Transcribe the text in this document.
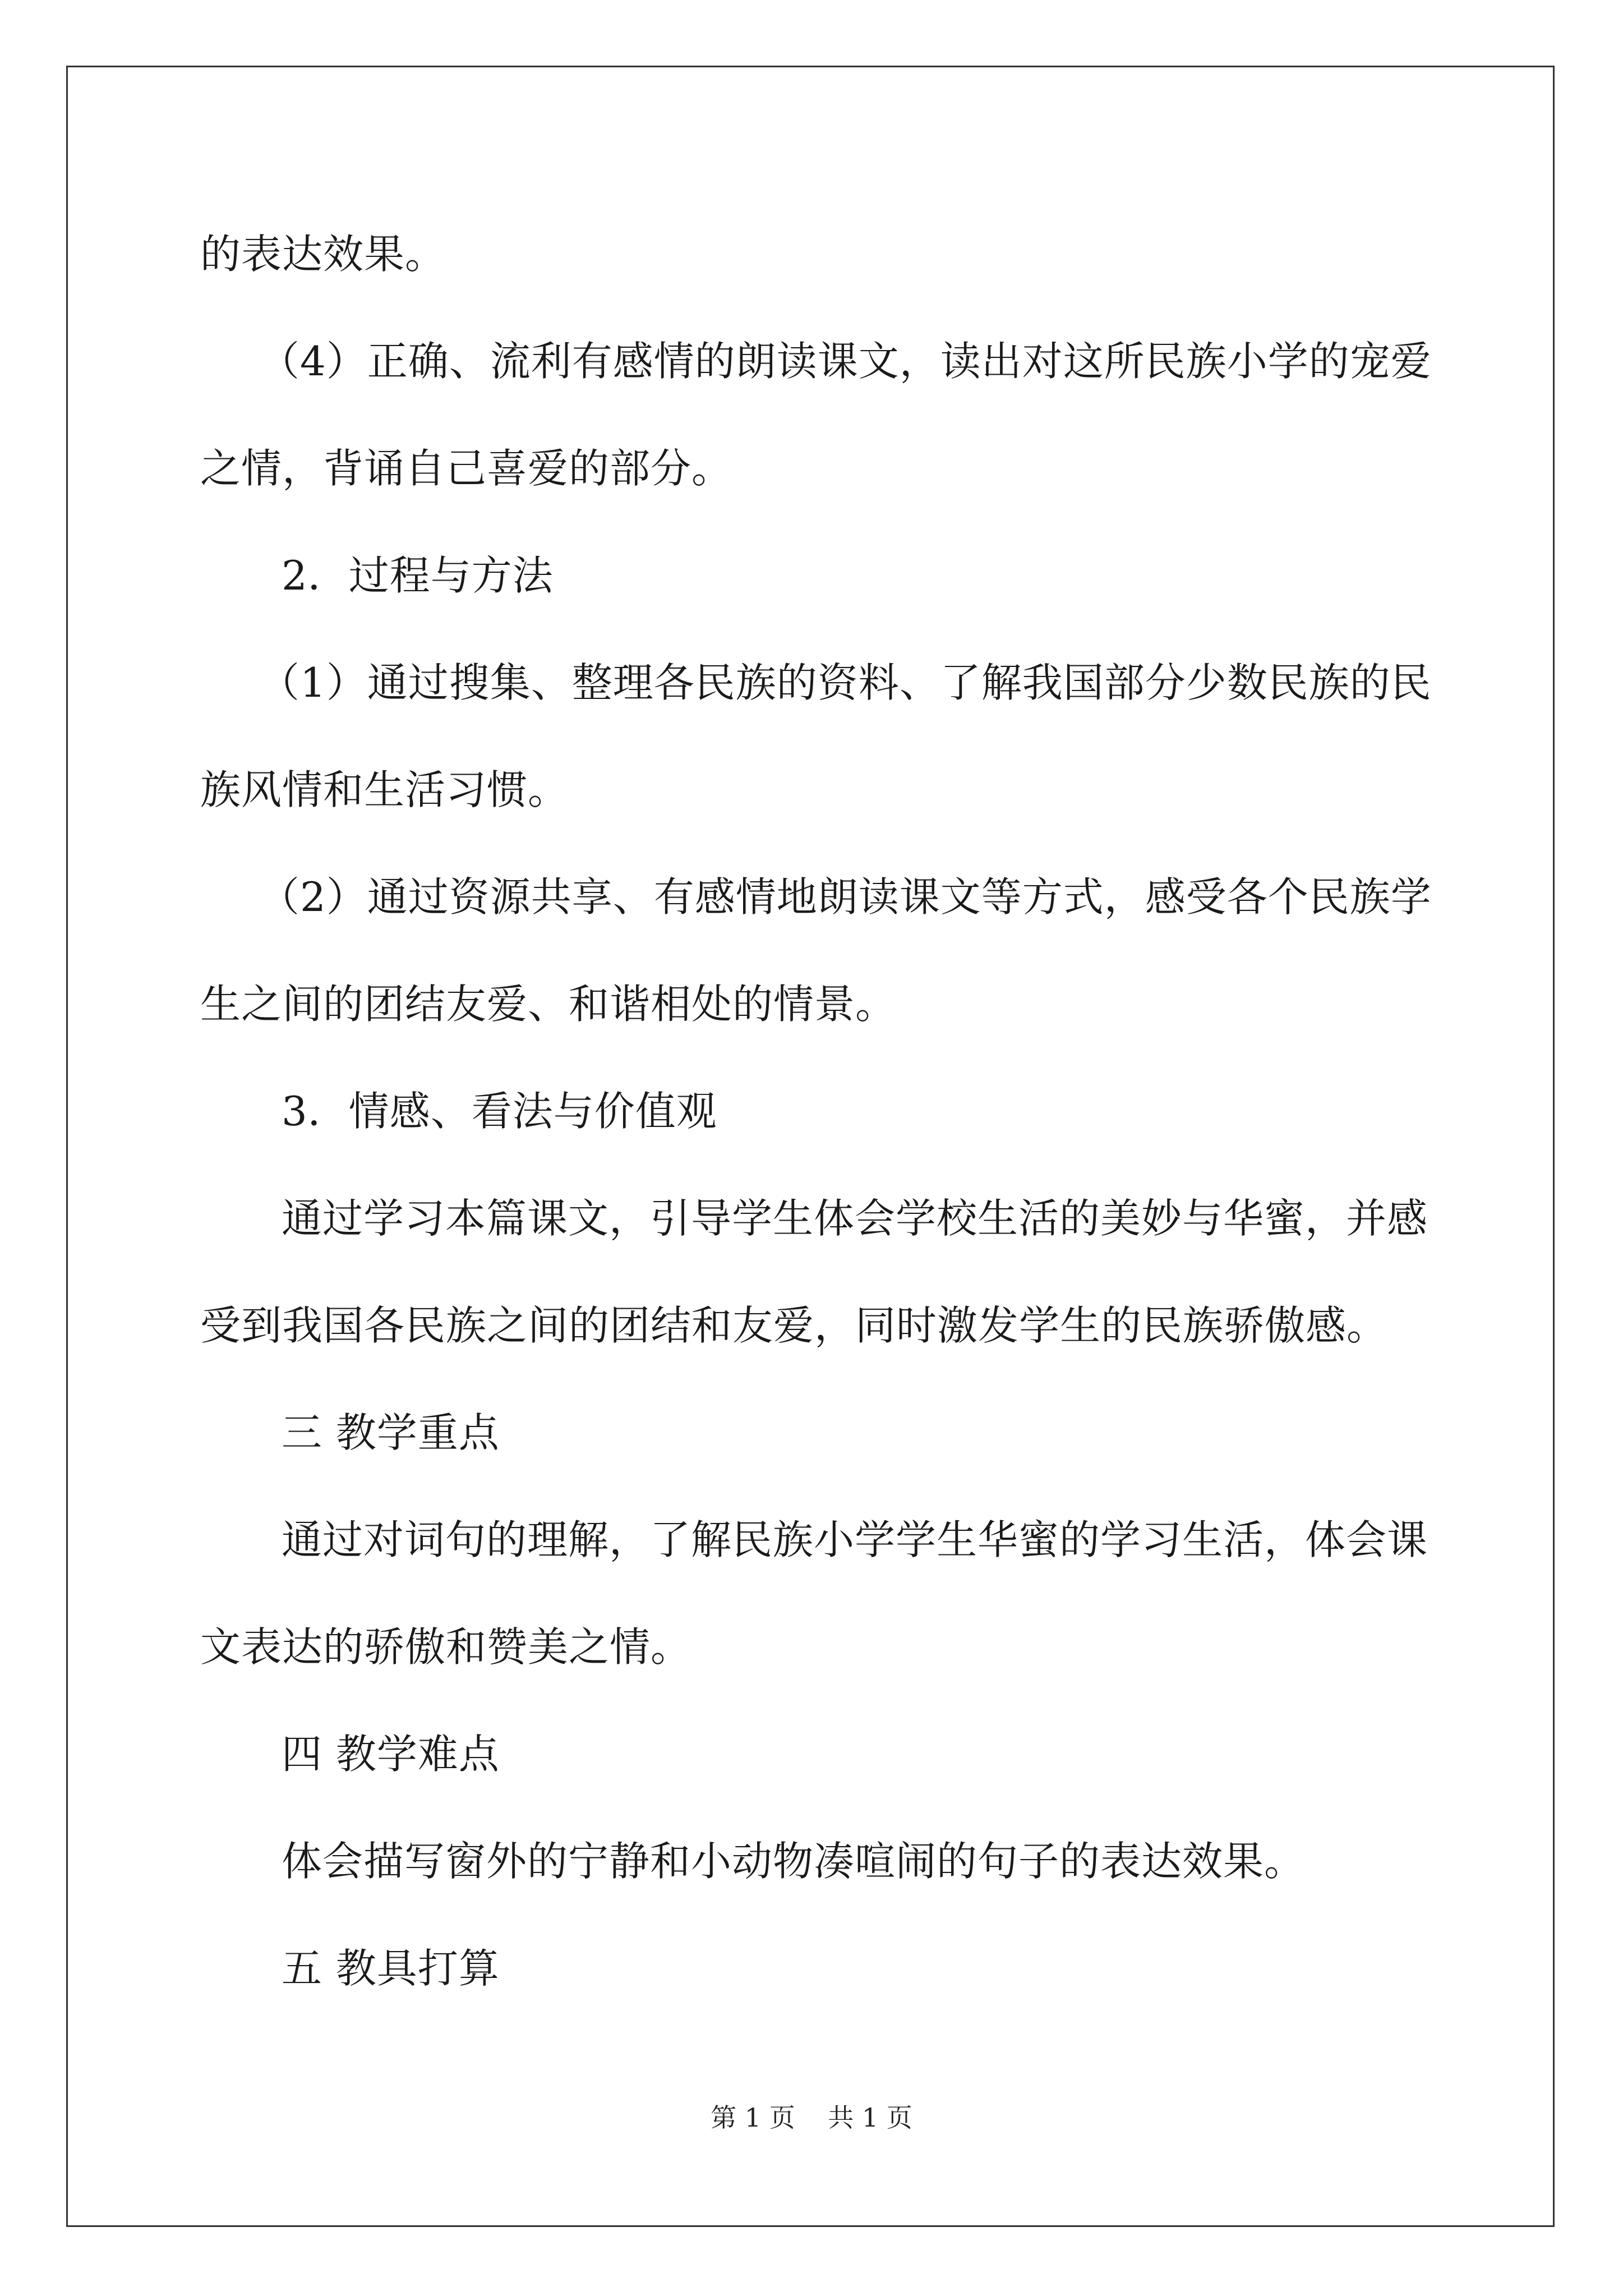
的表达效果。

（4）正确、流利有感情的朗读课文，读出对这所民族小学的宠爱

之情，背诵自己喜爱的部分。

2．过程与方法

（1）通过搜集、整理各民族的资料、了解我国部分少数民族的民

族风情和生活习惯。

（2）通过资源共享、有感情地朗读课文等方式，感受各个民族学

生之间的团结友爱、和谐相处的情景。

3．情感、看法与价值观

通过学习本篇课文，引导学生体会学校生活的美妙与华蜜，并感

受到我国各民族之间的团结和友爱，同时激发学生的民族骄傲感。

三 教学重点

通过对词句的理解，了解民族小学学生华蜜的学习生活，体会课

文表达的骄傲和赞美之情。

四 教学难点

体会描写窗外的宁静和小动物凑喧闹的句子的表达效果。

五 教具打算

第 1 页    共 1 页
